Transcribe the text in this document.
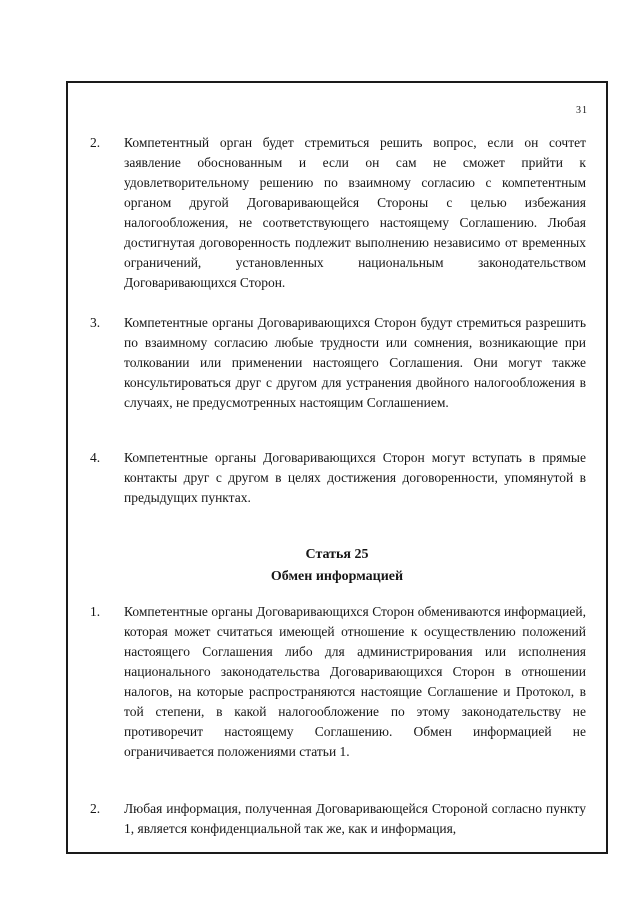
31
2. Компетентный орган будет стремиться решить вопрос, если он сочтет заявление обоснованным и если он сам не сможет прийти к удовлетворительному решению по взаимному согласию с компетентным органом другой Договаривающейся Стороны с целью избежания налогообложения, не соответствующего настоящему Соглашению. Любая достигнутая договоренность подлежит выполнению независимо от временных ограничений, установленных национальным законодательством Договаривающихся Сторон.
3. Компетентные органы Договаривающихся Сторон будут стремиться разрешить по взаимному согласию любые трудности или сомнения, возникающие при толковании или применении настоящего Соглашения. Они могут также консультироваться друг с другом для устранения двойного налогообложения в случаях, не предусмотренных настоящим Соглашением.
4. Компетентные органы Договаривающихся Сторон могут вступать в прямые контакты друг с другом в целях достижения договоренности, упомянутой в предыдущих пунктах.
Статья 25
Обмен информацией
1. Компетентные органы Договаривающихся Сторон обмениваются информацией, которая может считаться имеющей отношение к осуществлению положений настоящего Соглашения либо для администрирования или исполнения национального законодательства Договаривающихся Сторон в отношении налогов, на которые распространяются настоящие Соглашение и Протокол, в той степени, в какой налогообложение по этому законодательству не противоречит настоящему Соглашению. Обмен информацией не ограничивается положениями статьи 1.
2. Любая информация, полученная Договаривающейся Стороной согласно пункту 1, является конфиденциальной так же, как и информация,
